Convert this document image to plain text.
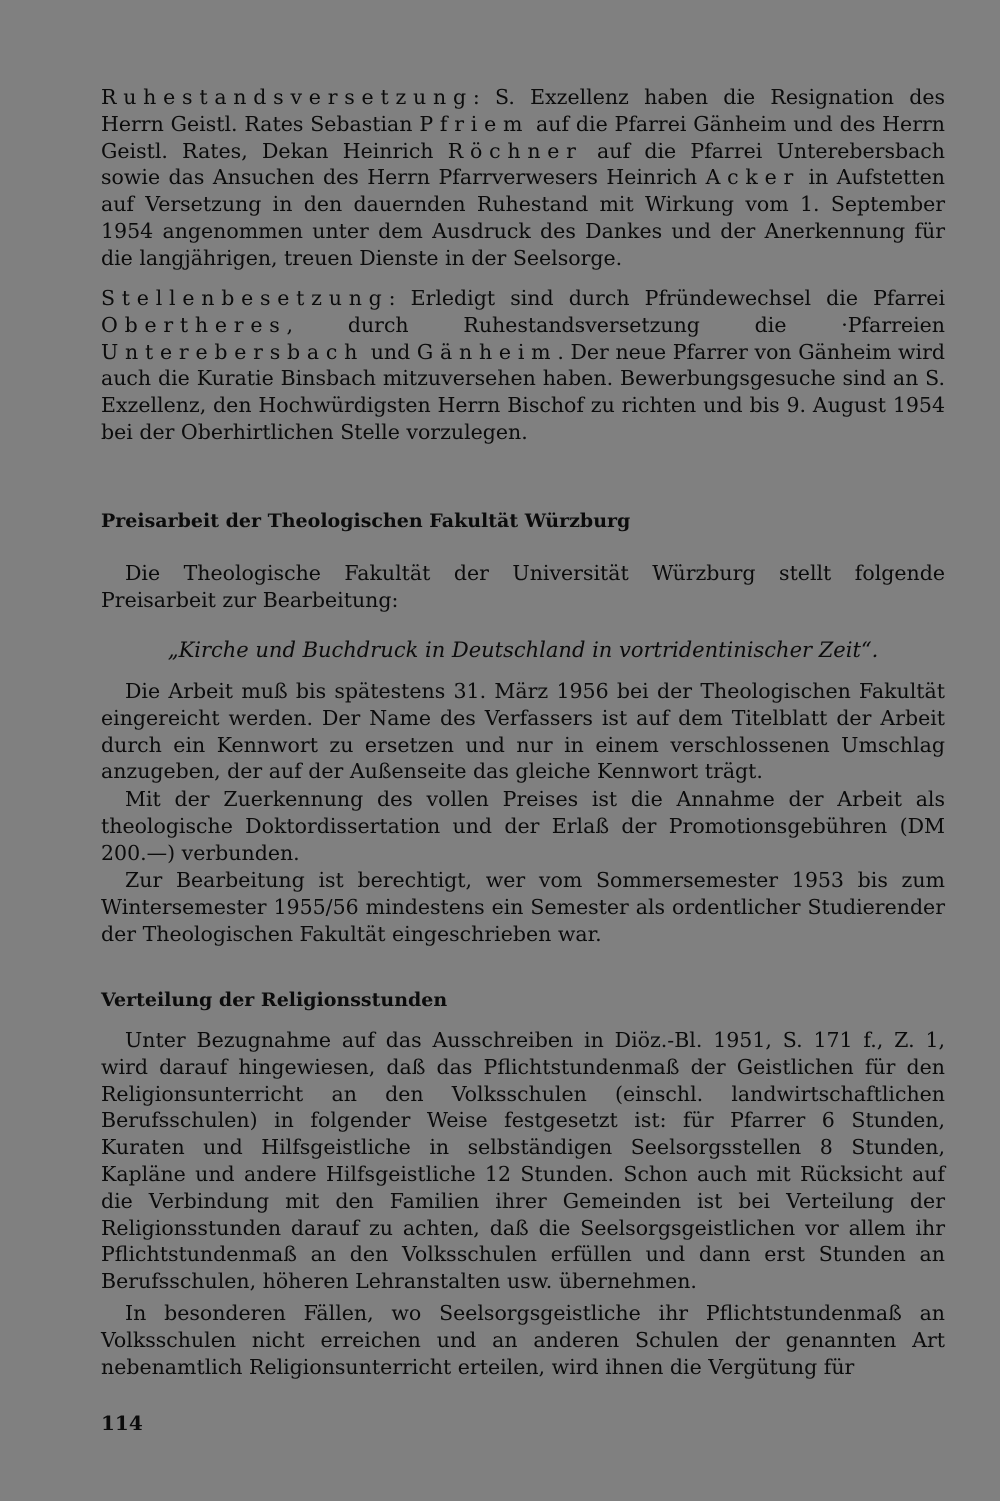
Ruhestandsversetzung: S. Exzellenz haben die Resignation des Herrn Geistl. Rates Sebastian Pfriem auf die Pfarrei Gänheim und des Herrn Geistl. Rates, Dekan Heinrich Röchner auf die Pfarrei Unterebersbach sowie das Ansuchen des Herrn Pfarrverwesers Heinrich Acker in Aufstetten auf Versetzung in den dauernden Ruhestand mit Wirkung vom 1. September 1954 angenommen unter dem Ausdruck des Dankes und der Anerkennung für die langjährigen, treuen Dienste in der Seelsorge.

Stellenbesetzung: Erledigt sind durch Pfründewechsel die Pfarrei Obertheres, durch Ruhestandsversetzung die ·Pfarreien Unterebersbach und Gänheim. Der neue Pfarrer von Gänheim wird auch die Kuratie Binsbach mitzuversehen haben. Bewerbungsgesuche sind an S. Exzellenz, den Hochwürdigsten Herrn Bischof zu richten und bis 9. August 1954 bei der Oberhirtlichen Stelle vorzulegen.

Preisarbeit der Theologischen Fakultät Würzburg

Die Theologische Fakultät der Universität Würzburg stellt folgende Preisarbeit zur Bearbeitung:

„Kirche und Buchdruck in Deutschland in vortridentinischer Zeit“.

Die Arbeit muß bis spätestens 31. März 1956 bei der Theologischen Fakultät eingereicht werden. Der Name des Verfassers ist auf dem Titelblatt der Arbeit durch ein Kennwort zu ersetzen und nur in einem verschlossenen Umschlag anzugeben, der auf der Außenseite das gleiche Kennwort trägt.

Mit der Zuerkennung des vollen Preises ist die Annahme der Arbeit als theologische Doktordissertation und der Erlaß der Promotionsgebühren (DM 200.—) verbunden.

Zur Bearbeitung ist berechtigt, wer vom Sommersemester 1953 bis zum Wintersemester 1955/56 mindestens ein Semester als ordentlicher Studierender der Theologischen Fakultät eingeschrieben war.

Verteilung der Religionsstunden

Unter Bezugnahme auf das Ausschreiben in Diöz.-Bl. 1951, S. 171 f., Z. 1, wird darauf hingewiesen, daß das Pflichtstundenmaß der Geistlichen für den Religionsunterricht an den Volksschulen (einschl. landwirtschaftlichen Berufsschulen) in folgender Weise festgesetzt ist: für Pfarrer 6 Stunden, Kuraten und Hilfsgeistliche in selbständigen Seelsorgsstellen 8 Stunden, Kapläne und andere Hilfsgeistliche 12 Stunden. Schon auch mit Rücksicht auf die Verbindung mit den Familien ihrer Gemeinden ist bei Verteilung der Religionsstunden darauf zu achten, daß die Seelsorgsgeistlichen vor allem ihr Pflichtstundenmaß an den Volksschulen erfüllen und dann erst Stunden an Berufsschulen, höheren Lehranstalten usw. übernehmen.

In besonderen Fällen, wo Seelsorgsgeistliche ihr Pflichtstundenmaß an Volksschulen nicht erreichen und an anderen Schulen der genannten Art nebenamtlich Religionsunterricht erteilen, wird ihnen die Vergütung für

114
